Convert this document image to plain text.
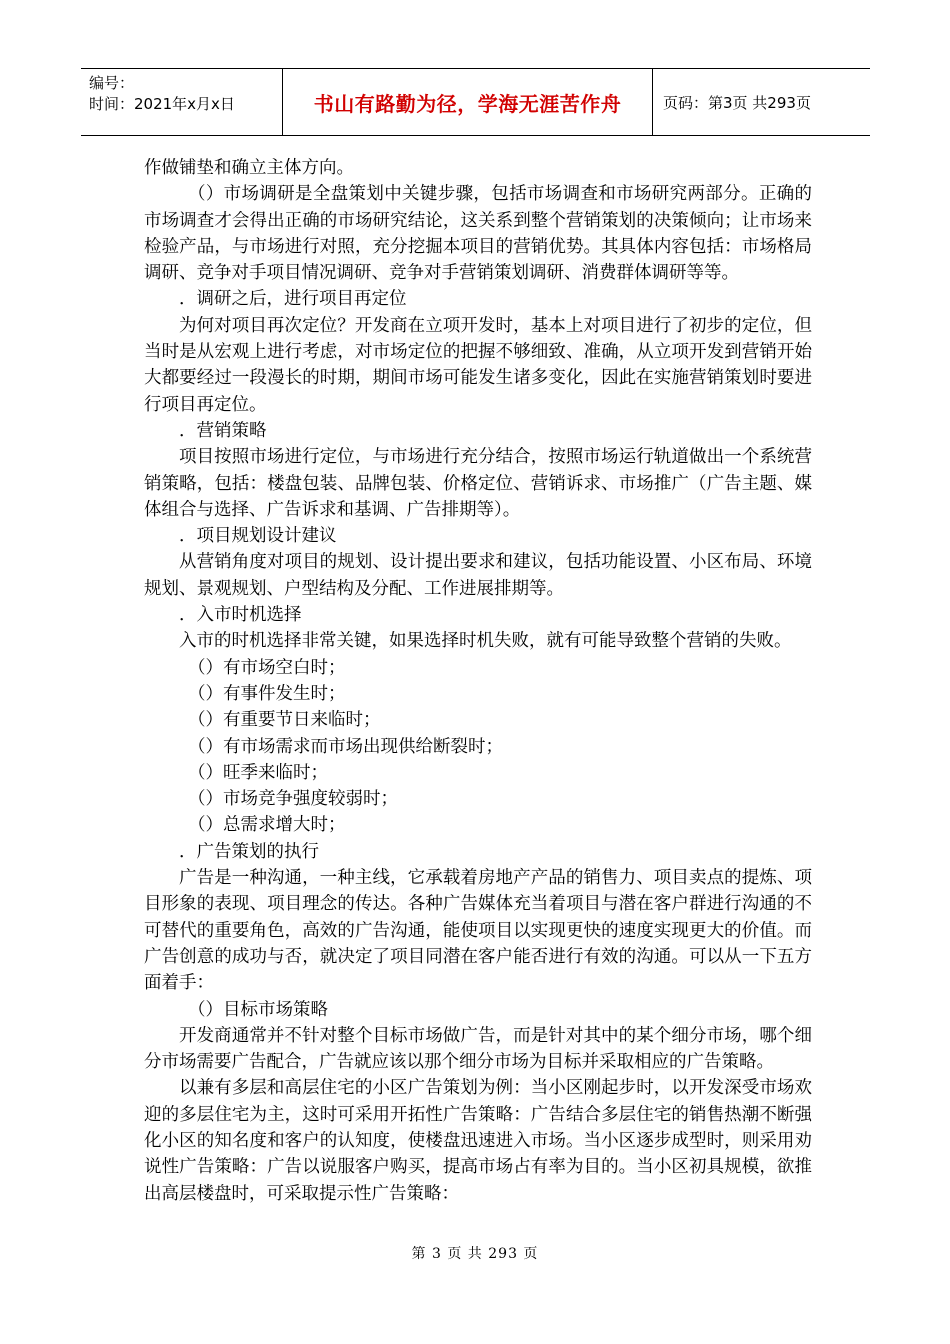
编号：
时间：2021年x月x日	书山有路勤为径，学海无涯苦作舟	页码：第3页 共293页

作做铺垫和确立主体方向。

（）市场调研是全盘策划中关键步骤，包括市场调查和市场研究两部分。正确的市场调查才会得出正确的市场研究结论，这关系到整个营销策划的决策倾向；让市场来检验产品，与市场进行对照，充分挖掘本项目的营销优势。其具体内容包括：市场格局调研、竞争对手项目情况调研、竞争对手营销策划调研、消费群体调研等等。

．调研之后，进行项目再定位

为何对项目再次定位？开发商在立项开发时，基本上对项目进行了初步的定位，但当时是从宏观上进行考虑，对市场定位的把握不够细致、准确，从立项开发到营销开始大都要经过一段漫长的时期，期间市场可能发生诸多变化，因此在实施营销策划时要进行项目再定位。

．营销策略

项目按照市场进行定位，与市场进行充分结合，按照市场运行轨道做出一个系统营销策略，包括：楼盘包装、品牌包装、价格定位、营销诉求、市场推广（广告主题、媒体组合与选择、广告诉求和基调、广告排期等）。

．项目规划设计建议

从营销角度对项目的规划、设计提出要求和建议，包括功能设置、小区布局、环境规划、景观规划、户型结构及分配、工作进展排期等。

．入市时机选择

入市的时机选择非常关键，如果选择时机失败，就有可能导致整个营销的失败。

（）有市场空白时；

（）有事件发生时；

（）有重要节日来临时；

（）有市场需求而市场出现供给断裂时；

（）旺季来临时；

（）市场竞争强度较弱时；

（）总需求增大时；

．广告策划的执行

广告是一种沟通，一种主线，它承载着房地产产品的销售力、项目卖点的提炼、项目形象的表现、项目理念的传达。各种广告媒体充当着项目与潜在客户群进行沟通的不可替代的重要角色，高效的广告沟通，能使项目以实现更快的速度实现更大的价值。而广告创意的成功与否，就决定了项目同潜在客户能否进行有效的沟通。可以从一下五方面着手：

（）目标市场策略

开发商通常并不针对整个目标市场做广告，而是针对其中的某个细分市场，哪个细分市场需要广告配合，广告就应该以那个细分市场为目标并采取相应的广告策略。

以兼有多层和高层住宅的小区广告策划为例：当小区刚起步时，以开发深受市场欢迎的多层住宅为主，这时可采用开拓性广告策略：广告结合多层住宅的销售热潮不断强化小区的知名度和客户的认知度，使楼盘迅速进入市场。当小区逐步成型时，则采用劝说性广告策略：广告以说服客户购买，提高市场占有率为目的。当小区初具规模，欲推出高层楼盘时，可采取提示性广告策略：

第 3 页 共 293 页
